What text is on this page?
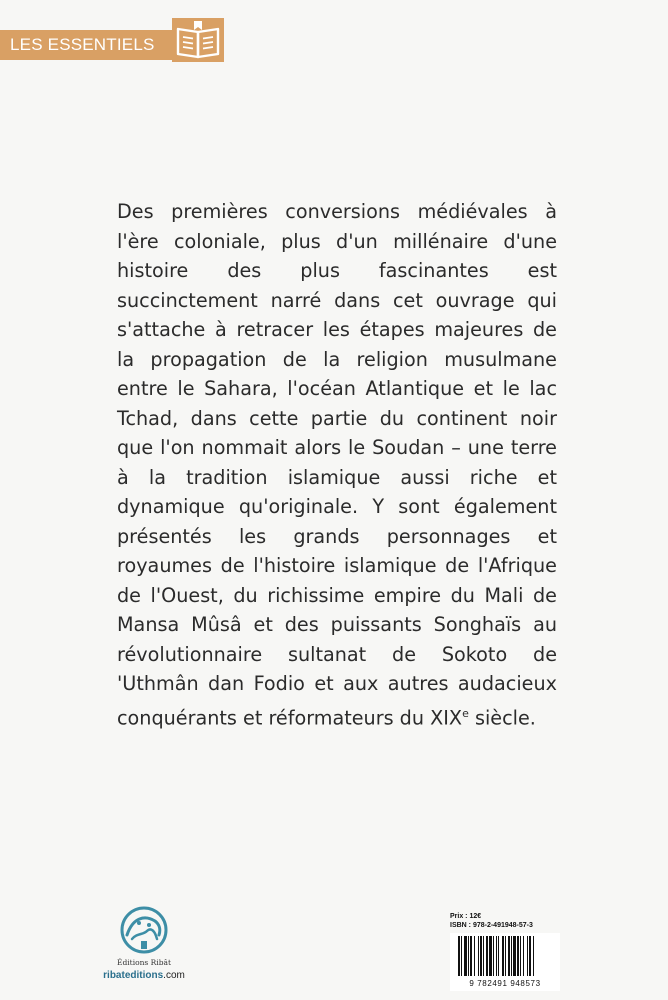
LES ESSENTIELS

Des premières conversions médiévales à l'ère coloniale, plus d'un millénaire d'une histoire des plus fascinantes est succinctement narré dans cet ouvrage qui s'attache à retracer les étapes majeures de la propagation de la religion musulmane entre le Sahara, l'océan Atlantique et le lac Tchad, dans cette partie du continent noir que l'on nommait alors le Soudan – une terre à la tradition islamique aussi riche et dynamique qu'originale. Y sont également présentés les grands personnages et royaumes de l'histoire islamique de l'Afrique de l'Ouest, du richissime empire du Mali de Mansa Mûsâ et des puissants Songhaïs au révolutionnaire sultanat de Sokoto de 'Uthmân dan Fodio et aux autres audacieux conquérants et réformateurs du XIXe siècle.

Éditions Ribât
ribateditions.com
Prix : 12€
ISBN : 978-2-491948-57-3
9 782491 948573
